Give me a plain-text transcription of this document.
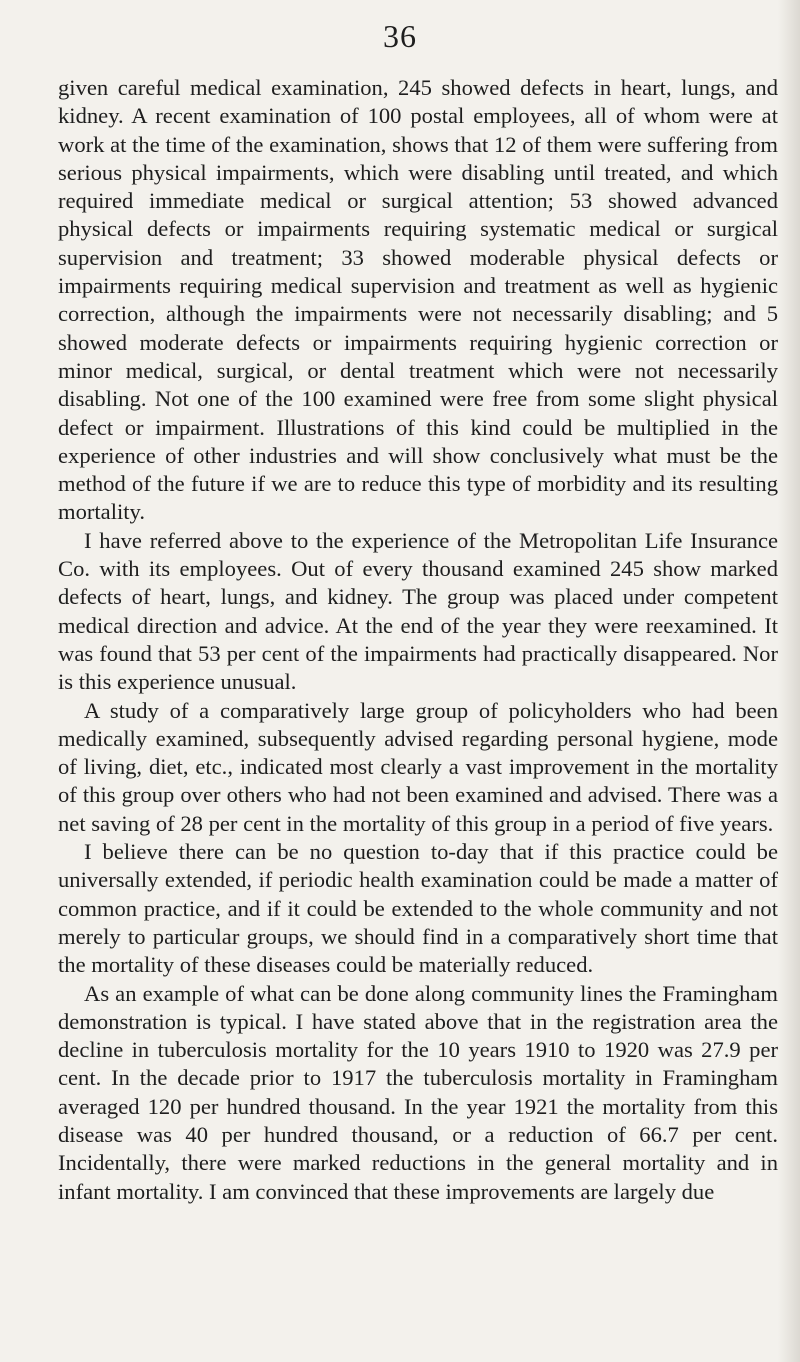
36

given careful medical examination, 245 showed defects in heart, lungs, and kidney. A recent examination of 100 postal employees, all of whom were at work at the time of the examination, shows that 12 of them were suffering from serious physical impairments, which were disabling until treated, and which required immediate medical or surgical attention; 53 showed advanced physical defects or impairments requiring systematic medical or surgical supervision and treatment; 33 showed moderable physical defects or impairments requiring medical supervision and treatment as well as hygienic correction, although the impairments were not necessarily disabling; and 5 showed moderate defects or impairments requiring hygienic correction or minor medical, surgical, or dental treatment which were not necessarily disabling. Not one of the 100 examined were free from some slight physical defect or impairment. Illustrations of this kind could be multiplied in the experience of other industries and will show conclusively what must be the method of the future if we are to reduce this type of morbidity and its resulting mortality.

I have referred above to the experience of the Metropolitan Life Insurance Co. with its employees. Out of every thousand examined 245 show marked defects of heart, lungs, and kidney. The group was placed under competent medical direction and advice. At the end of the year they were reexamined. It was found that 53 per cent of the impairments had practically disappeared. Nor is this experience unusual.

A study of a comparatively large group of policyholders who had been medically examined, subsequently advised regarding personal hygiene, mode of living, diet, etc., indicated most clearly a vast improvement in the mortality of this group over others who had not been examined and advised. There was a net saving of 28 per cent in the mortality of this group in a period of five years.

I believe there can be no question to-day that if this practice could be universally extended, if periodic health examination could be made a matter of common practice, and if it could be extended to the whole community and not merely to particular groups, we should find in a comparatively short time that the mortality of these diseases could be materially reduced.

As an example of what can be done along community lines the Framingham demonstration is typical. I have stated above that in the registration area the decline in tuberculosis mortality for the 10 years 1910 to 1920 was 27.9 per cent. In the decade prior to 1917 the tuberculosis mortality in Framingham averaged 120 per hundred thousand. In the year 1921 the mortality from this disease was 40 per hundred thousand, or a reduction of 66.7 per cent. Incidentally, there were marked reductions in the general mortality and in infant mortality. I am convinced that these improvements are largely due
